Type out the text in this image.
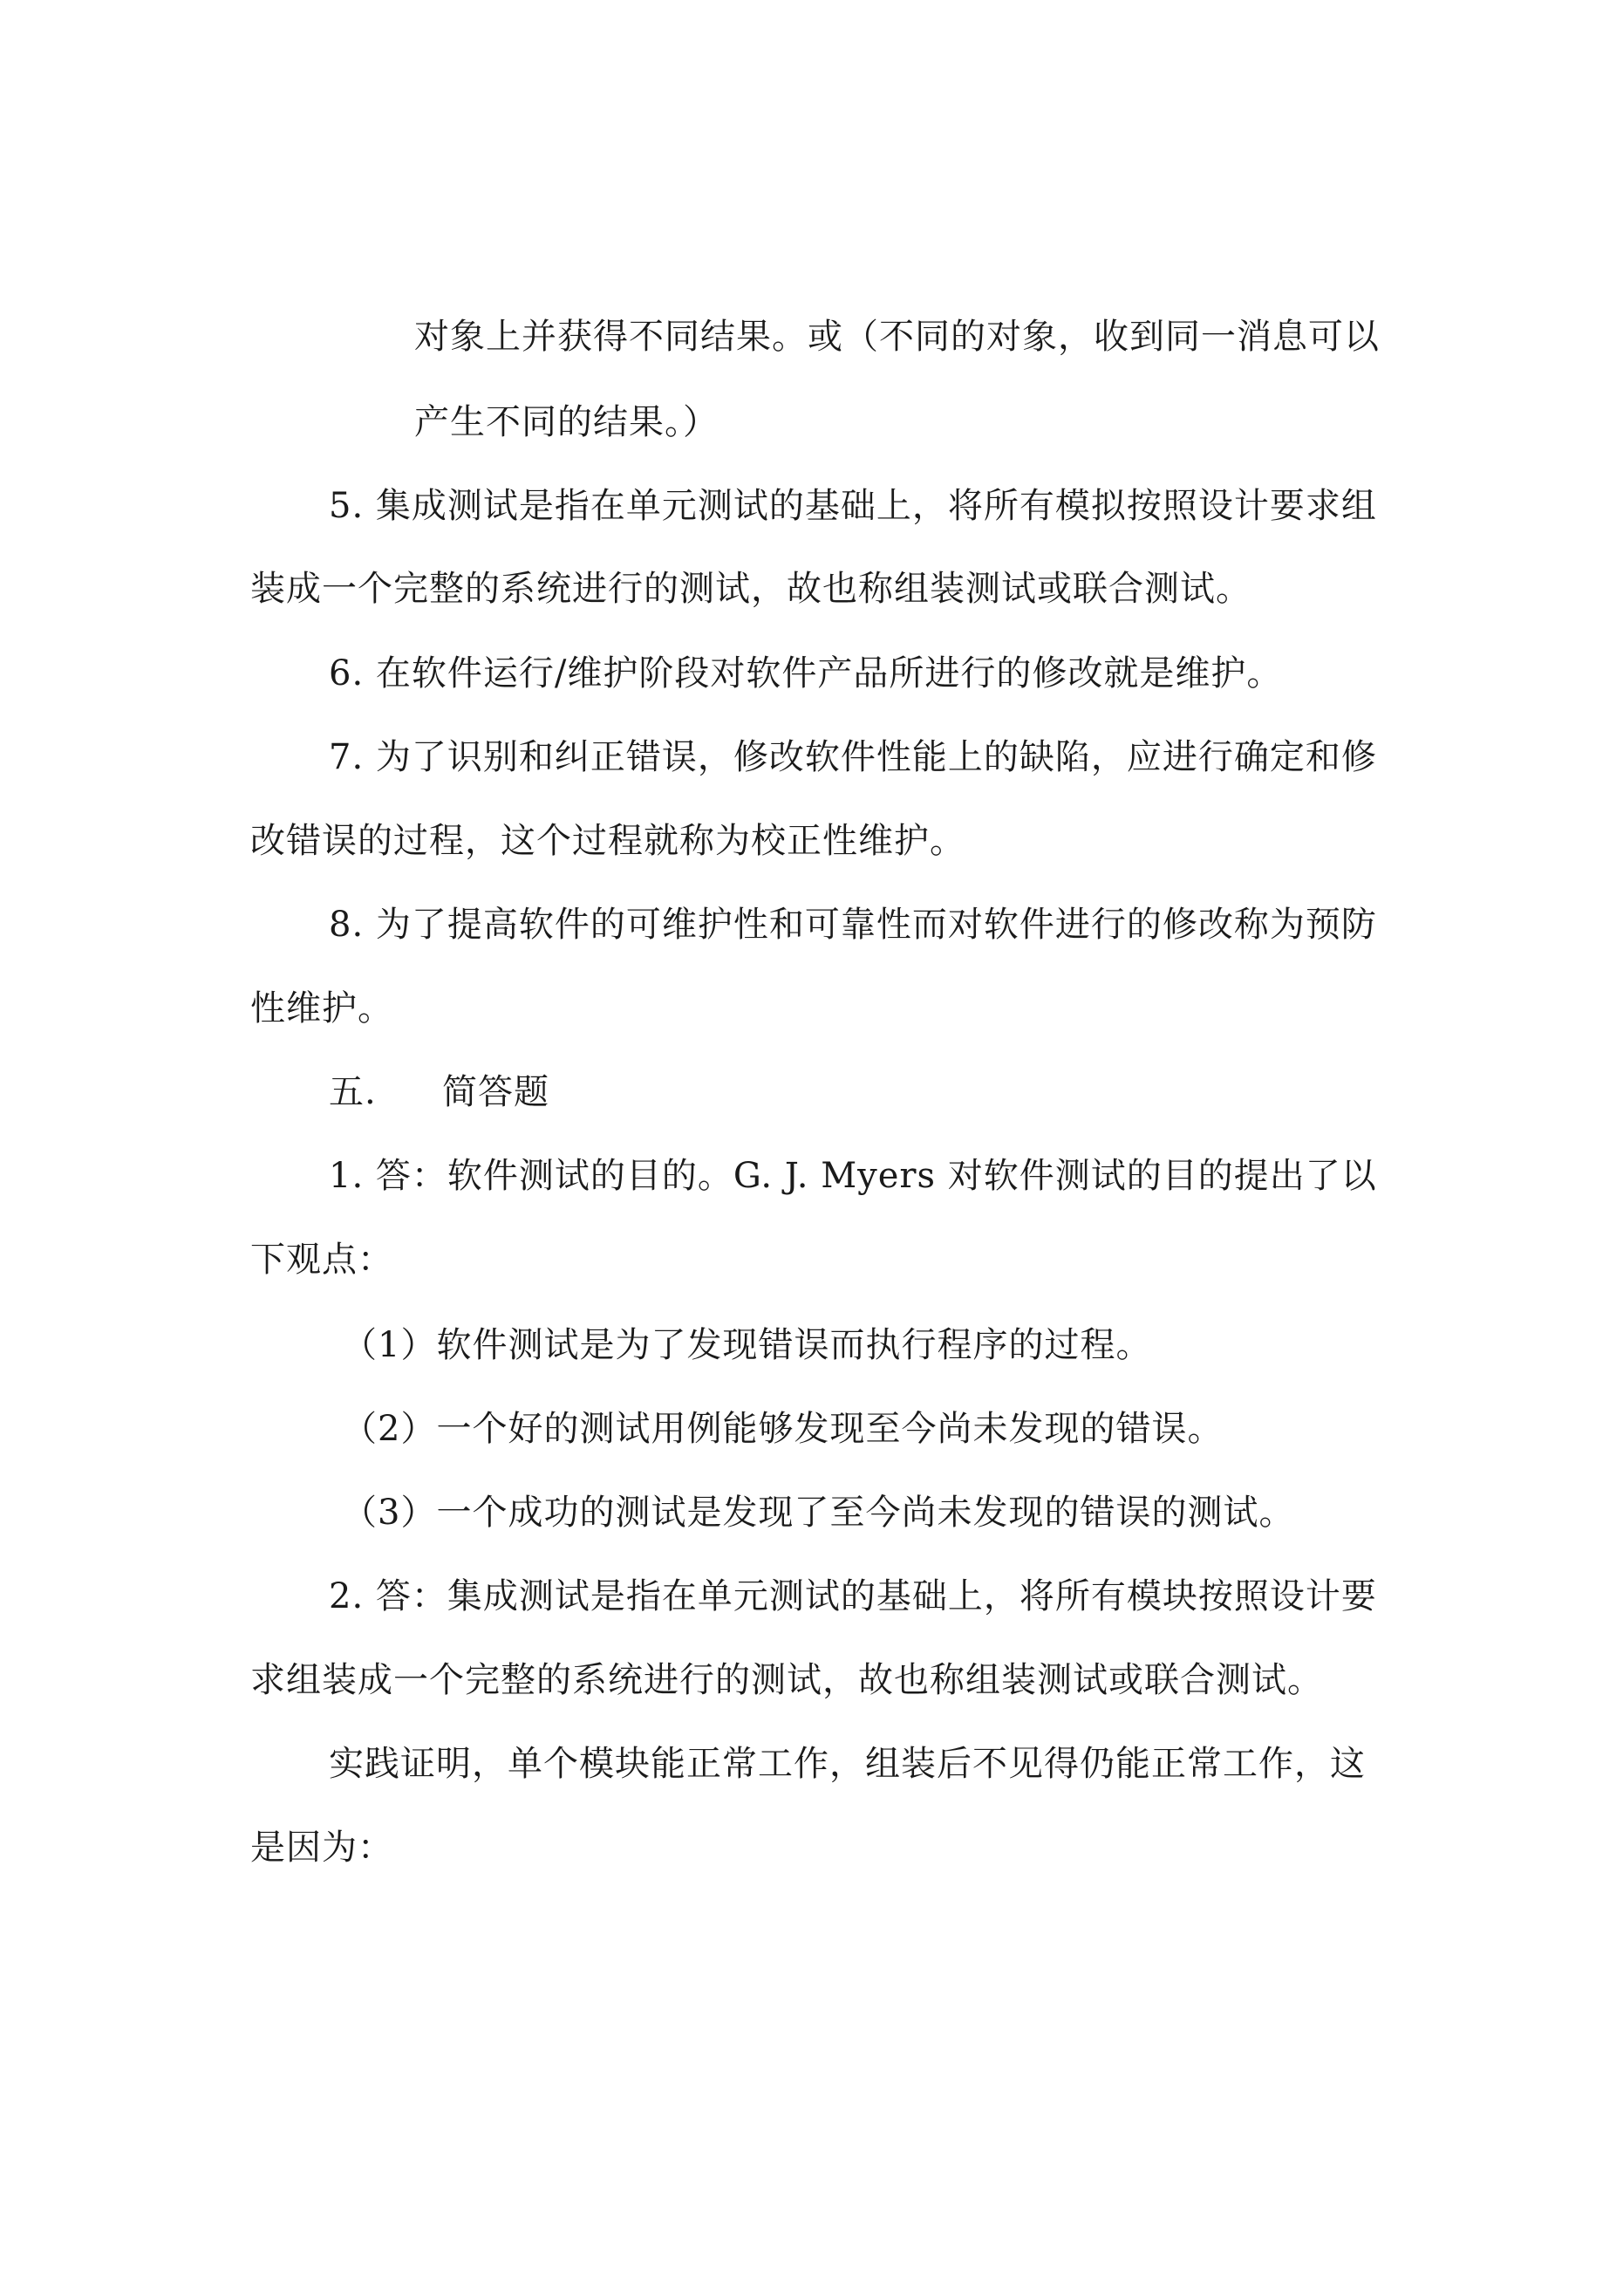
对象上并获得不同结果。或（不同的对象，收到同一消息可以

产生不同的结果。）

5. 集成测试是指在单元测试的基础上，将所有模拟按照设计要求组

装成一个完整的系统进行的测试，故也称组装测试或联合测试。

6. 在软件运行/维护阶段对软件产品所进行的修改就是维护。

7. 为了识别和纠正错误，修改软件性能上的缺陷，应进行确定和修

改错误的过程，这个过程就称为校正性维护。

8. 为了提高软件的可维护性和可靠性而对软件进行的修改称为预防

性维护。

五. 简答题

1. 答：软件测试的目的。G. J. Myers 对软件测试的目的提出了以

下观点：

（1）软件测试是为了发现错误而执行程序的过程。

（2）一个好的测试用例能够发现至今尚未发现的错误。

（3）一个成功的测试是发现了至今尚未发现的错误的测试。

2. 答：集成测试是指在单元测试的基础上，将所有模块按照设计要

求组装成一个完整的系统进行的测试，故也称组装测试或联合测试。

实践证明，单个模块能正常工作，组装后不见得仍能正常工作，这

是因为：
